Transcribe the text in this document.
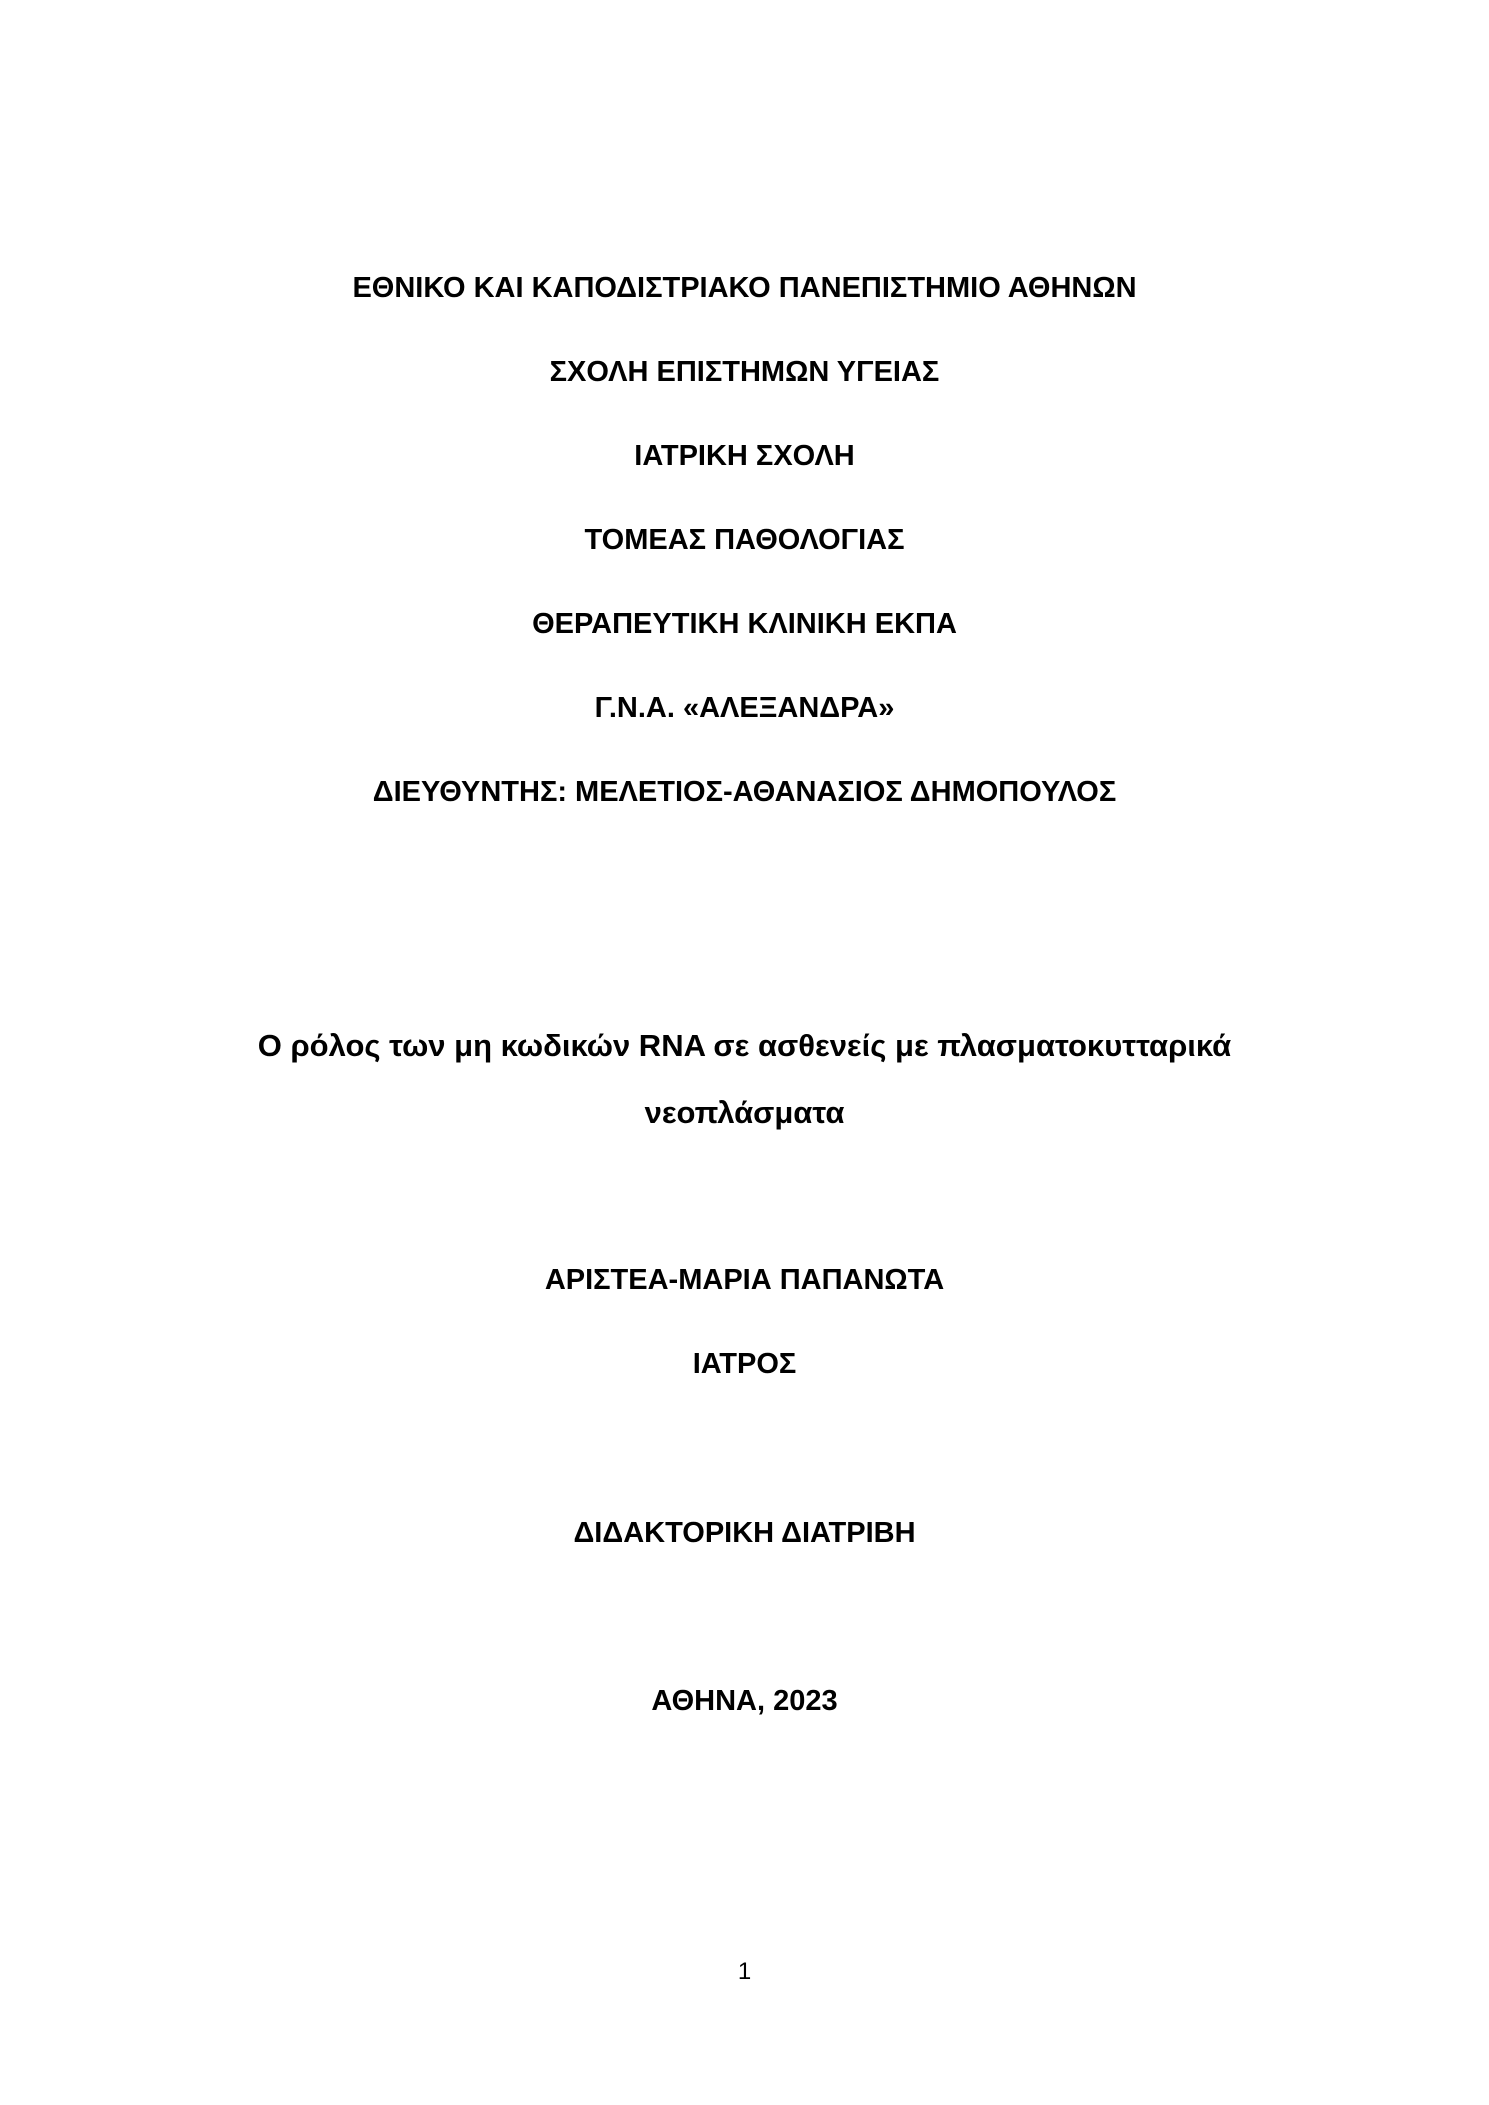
ΕΘΝΙΚΟ ΚΑΙ ΚΑΠΟΔΙΣΤΡΙΑΚΟ ΠΑΝΕΠΙΣΤΗΜΙΟ ΑΘΗΝΩΝ
ΣΧΟΛΗ ΕΠΙΣΤΗΜΩΝ ΥΓΕΙΑΣ
ΙΑΤΡΙΚΗ ΣΧΟΛΗ
ΤΟΜΕΑΣ ΠΑΘΟΛΟΓΙΑΣ
ΘΕΡΑΠΕΥΤΙΚΗ ΚΛΙΝΙΚΗ ΕΚΠΑ
Γ.Ν.Α. «ΑΛΕΞΑΝΔΡΑ»
ΔΙΕΥΘΥΝΤΗΣ: ΜΕΛΕΤΙΟΣ-ΑΘΑΝΑΣΙΟΣ ΔΗΜΟΠΟΥΛΟΣ
Ο ρόλος των μη κωδικών RNA σε ασθενείς με πλασματοκυτταρικά
νεοπλάσματα
ΑΡΙΣΤΕΑ-ΜΑΡΙΑ ΠΑΠΑΝΩΤΑ
ΙΑΤΡΟΣ
ΔΙΔΑΚΤΟΡΙΚΗ ΔΙΑΤΡΙΒΗ
ΑΘΗΝΑ, 2023
1
